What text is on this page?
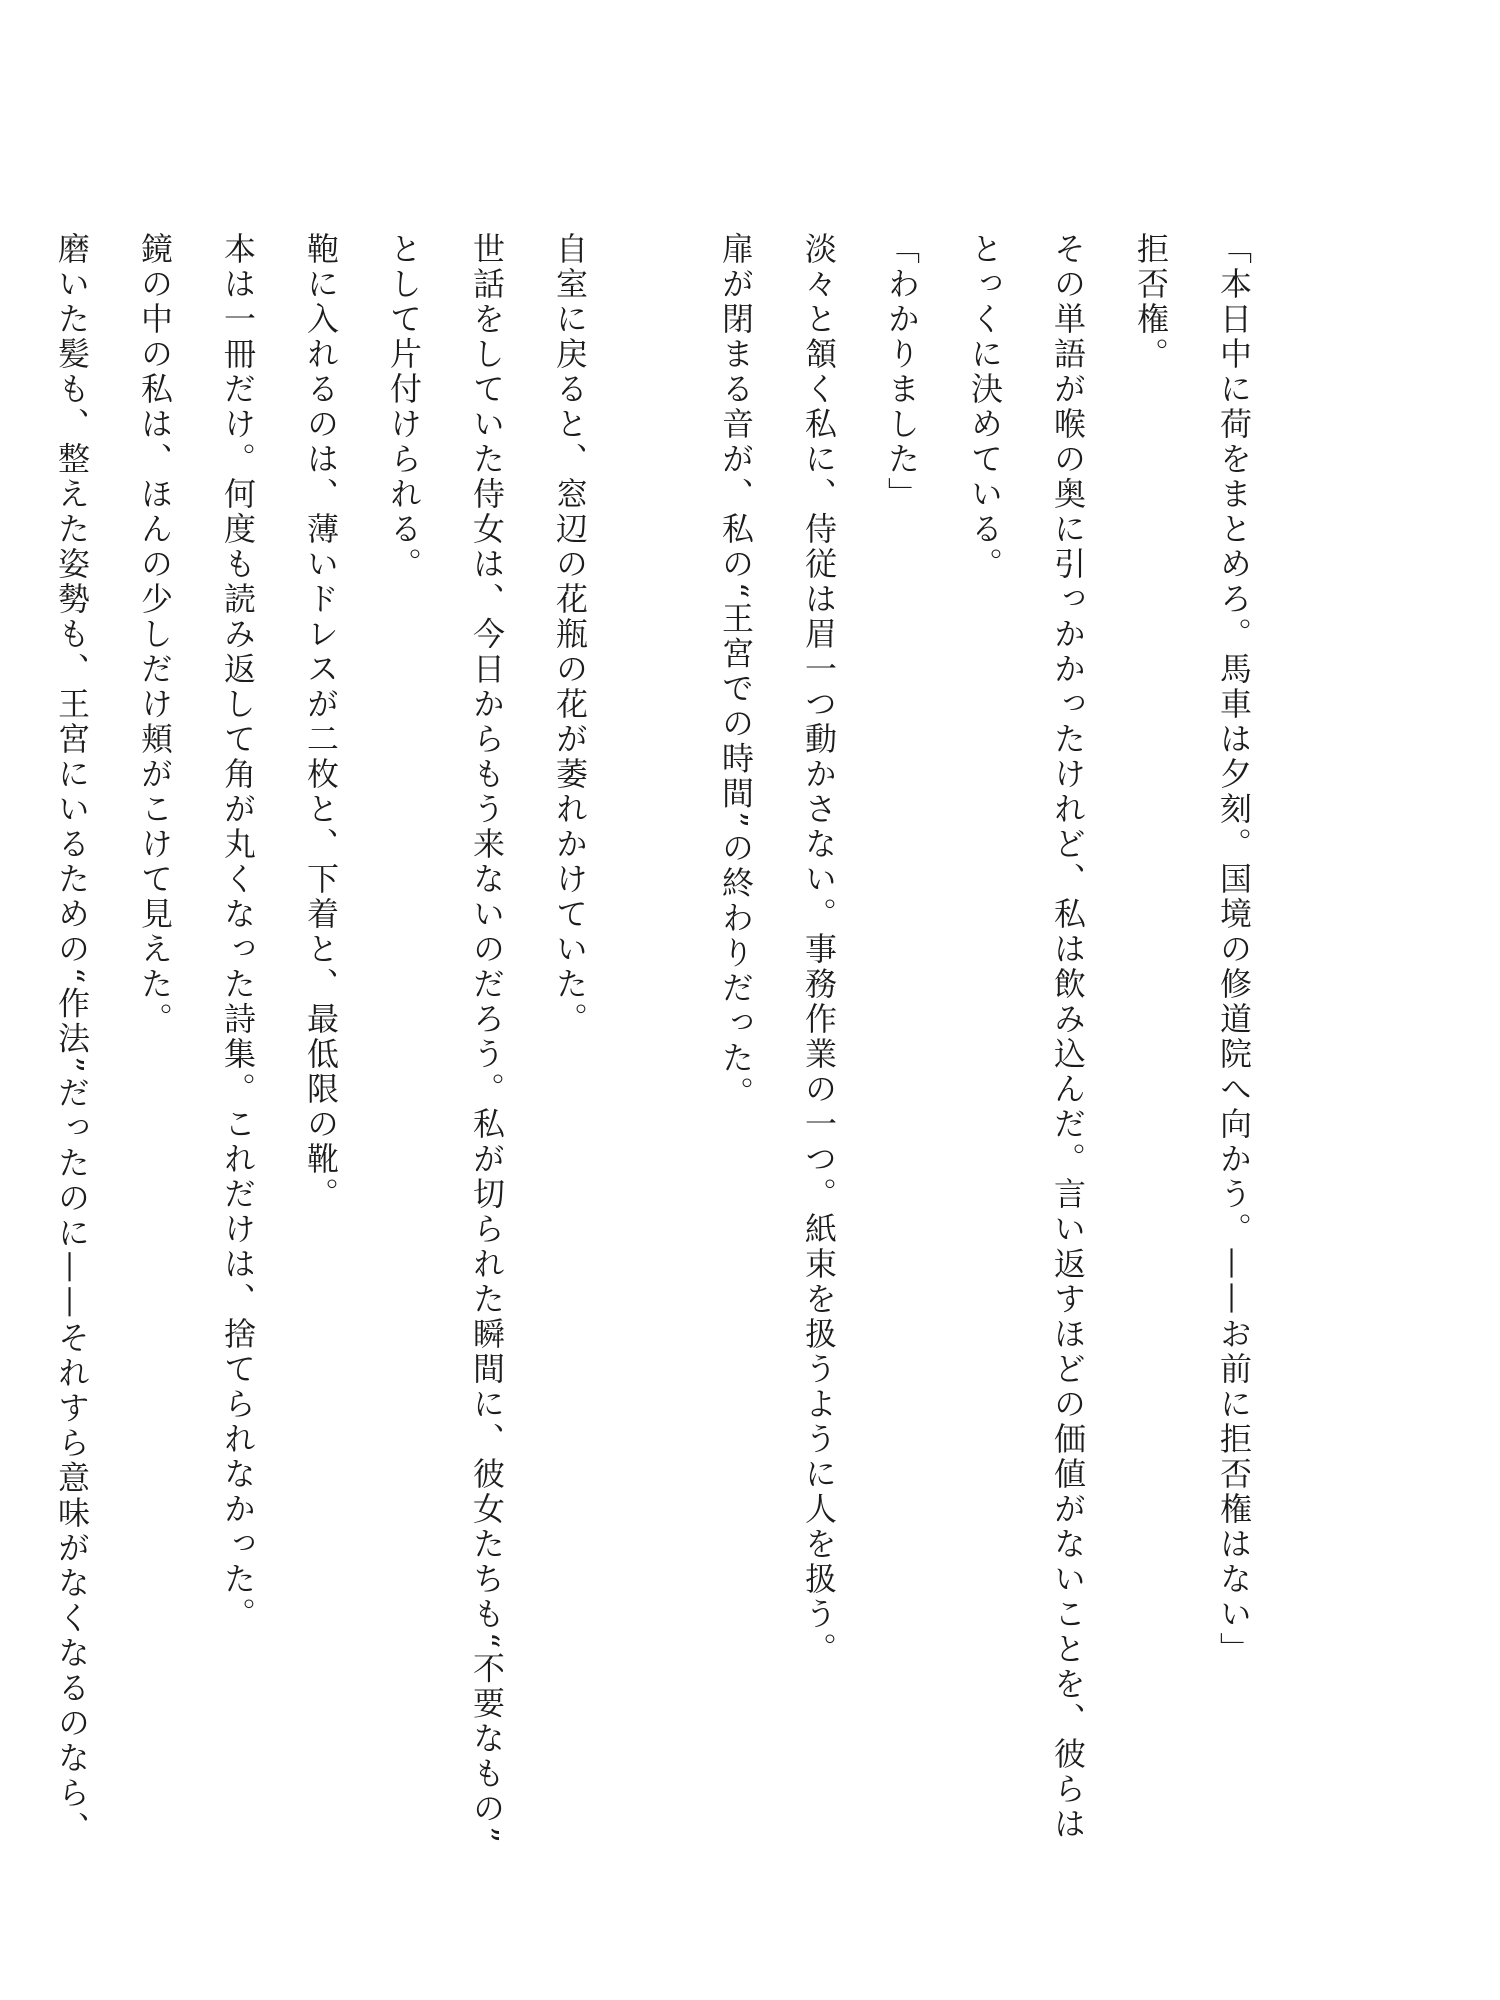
「本日中に荷をまとめろ。馬車は夕刻。国境の修道院へ向かう。——お前に拒否権はない」

拒否権。

その単語が喉の奥に引っかかったけれど、私は飲み込んだ。言い返すほどの価値がないことを、彼らは

とっくに決めている。

「わかりました」

淡々と頷く私に、侍従は眉一つ動かさない。事務作業の一つ。紙束を扱うように人を扱う。

扉が閉まる音が、私の“王宮での時間”の終わりだった。

自室に戻ると、窓辺の花瓶の花が萎れかけていた。

世話をしていた侍女は、今日からもう来ないのだろう。私が切られた瞬間に、彼女たちも“不要なもの”

として片付けられる。

鞄に入れるのは、薄いドレスが二枚と、下着と、最低限の靴。

本は一冊だけ。何度も読み返して角が丸くなった詩集。これだけは、捨てられなかった。

鏡の中の私は、ほんの少しだけ頬がこけて見えた。

磨いた髪も、整えた姿勢も、王宮にいるための“作法”だったのに——それすら意味がなくなるのなら、
